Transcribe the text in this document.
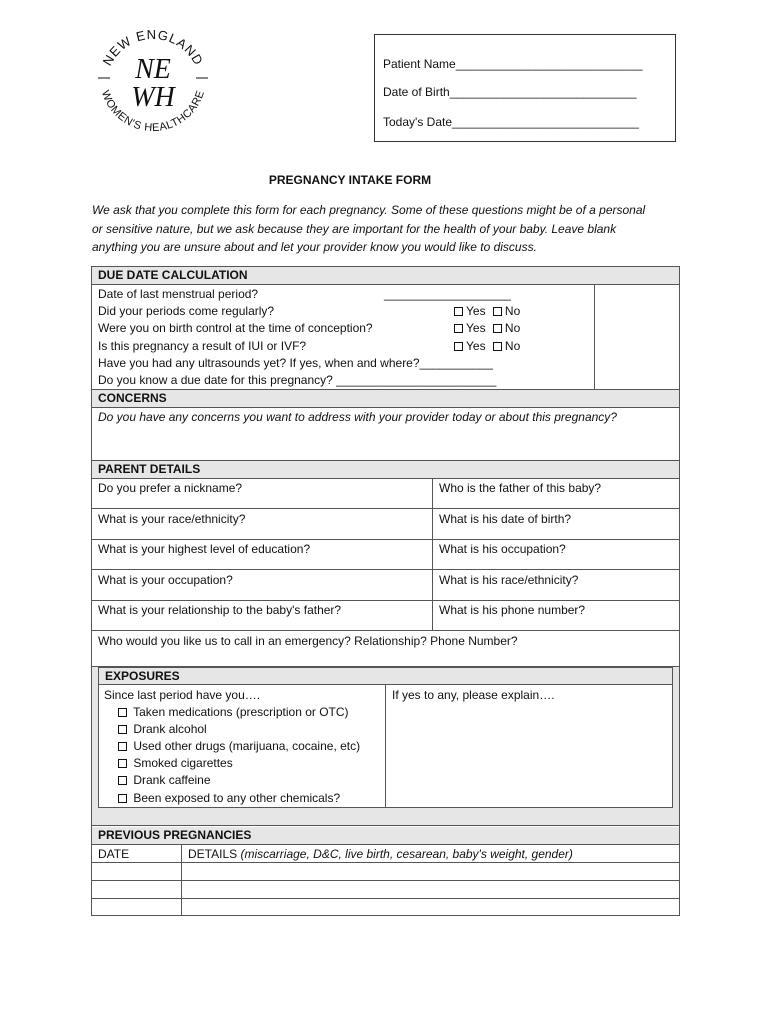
NEW ENGLAND
WOMEN'S HEALTHCARE
NE
WH
Patient Name____________________________
Date of Birth____________________________
Today's Date____________________________
PREGNANCY INTAKE FORM
We ask that you complete this form for each pregnancy. Some of these questions might be of a personal
or sensitive nature, but we ask because they are important for the health of your baby. Leave blank
anything you are unsure about and let your provider know you would like to discuss.
DUE DATE CALCULATION
Date of last menstrual period?	___________________
Did your periods come regularly?	Yes No
Were you on birth control at the time of conception?	Yes No
Is this pregnancy a result of IUI or IVF?	Yes No
Have you had any ultrasounds yet? If yes, when and where?___________
Do you know a due date for this pregnancy? ________________________
CONCERNS
Do you have any concerns you want to address with your provider today or about this pregnancy?
PARENT DETAILS
Do you prefer a nickname?	Who is the father of this baby?
What is your race/ethnicity?	What is his date of birth?
What is your highest level of education?	What is his occupation?
What is your occupation?	What is his race/ethnicity?
What is your relationship to the baby's father?	What is his phone number?
Who would you like us to call in an emergency? Relationship? Phone Number?
EXPOSURES
Since last period have you….	If yes to any, please explain….
Taken medications (prescription or OTC)
Drank alcohol
Used other drugs (marijuana, cocaine, etc)
Smoked cigarettes
Drank caffeine
Been exposed to any other chemicals?
PREVIOUS PREGNANCIES
DATE	DETAILS (miscarriage, D&C, live birth, cesarean, baby's weight, gender)
